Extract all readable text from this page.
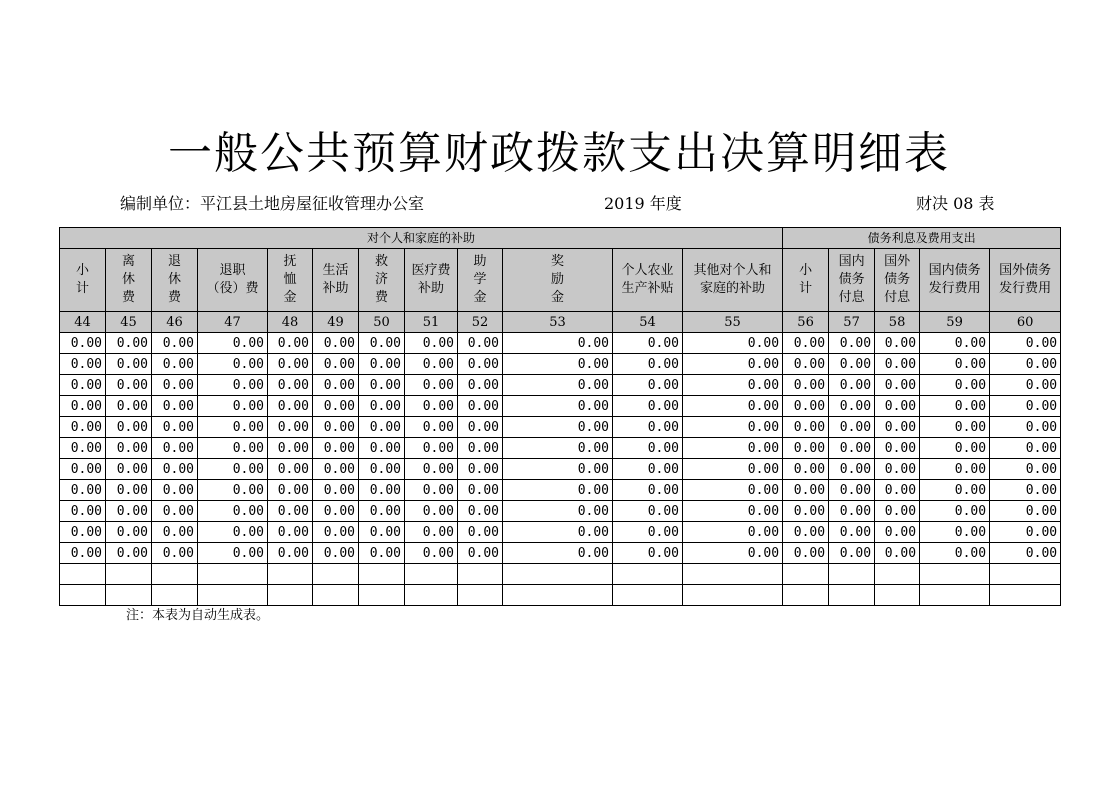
一般公共预算财政拨款支出决算明细表
编制单位：平江县土地房屋征收管理办公室	2019 年度	财决 08 表
对个人和家庭的补助												债务利息及费用支出				
小
计	离
休
费	退
休
费	退职
（役）费	抚
恤
金	生活
补助	救
济
费	医疗费
补助	助
学
金	奖
励
金	个人农业
生产补贴	其他对个人和
家庭的补助	小
计	国内
债务
付息	国外
债务
付息	国内债务
发行费用	国外债务
发行费用
44	45	46	47	48	49	50	51	52	53	54	55	56	57	58	59	60
0.00	0.00	0.00	0.00	0.00	0.00	0.00	0.00	0.00	0.00	0.00	0.00	0.00	0.00	0.00	0.00	0.00
0.00	0.00	0.00	0.00	0.00	0.00	0.00	0.00	0.00	0.00	0.00	0.00	0.00	0.00	0.00	0.00	0.00
0.00	0.00	0.00	0.00	0.00	0.00	0.00	0.00	0.00	0.00	0.00	0.00	0.00	0.00	0.00	0.00	0.00
0.00	0.00	0.00	0.00	0.00	0.00	0.00	0.00	0.00	0.00	0.00	0.00	0.00	0.00	0.00	0.00	0.00
0.00	0.00	0.00	0.00	0.00	0.00	0.00	0.00	0.00	0.00	0.00	0.00	0.00	0.00	0.00	0.00	0.00
0.00	0.00	0.00	0.00	0.00	0.00	0.00	0.00	0.00	0.00	0.00	0.00	0.00	0.00	0.00	0.00	0.00
0.00	0.00	0.00	0.00	0.00	0.00	0.00	0.00	0.00	0.00	0.00	0.00	0.00	0.00	0.00	0.00	0.00
0.00	0.00	0.00	0.00	0.00	0.00	0.00	0.00	0.00	0.00	0.00	0.00	0.00	0.00	0.00	0.00	0.00
0.00	0.00	0.00	0.00	0.00	0.00	0.00	0.00	0.00	0.00	0.00	0.00	0.00	0.00	0.00	0.00	0.00
0.00	0.00	0.00	0.00	0.00	0.00	0.00	0.00	0.00	0.00	0.00	0.00	0.00	0.00	0.00	0.00	0.00
0.00	0.00	0.00	0.00	0.00	0.00	0.00	0.00	0.00	0.00	0.00	0.00	0.00	0.00	0.00	0.00	0.00

注：本表为自动生成表。
